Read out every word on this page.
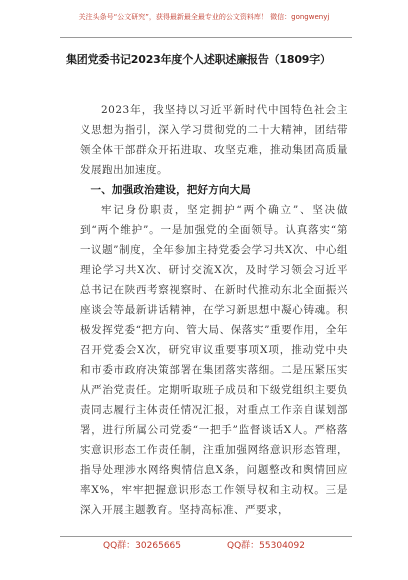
关注头条号“公文研究”，获得最新最全最专业的公文资料库！ 微信：gongwenyj
集团党委书记2023年度个人述职述廉报告（1809字）

2023年，我坚持以习近平新时代中国特色社会主义思想为指引，深入学习贯彻党的二十大精神，团结带领全体干部群众开拓进取、攻坚克难，推动集团高质量发展跑出加速度。

一、加强政治建设，把好方向大局

牢记身份职责，坚定拥护“两个确立”、坚决做到“两个维护”。一是加强党的全面领导。认真落实“第一议题”制度，全年参加主持党委会学习共X次、中心组理论学习共X次、研讨交流X次，及时学习领会习近平总书记在陕西考察视察时、在新时代推动东北全面振兴座谈会等最新讲话精神，在学习新思想中凝心铸魂。积极发挥党委“把方向、管大局、保落实”重要作用，全年召开党委会X次，研究审议重要事项X项，推动党中央和市委市政府决策部署在集团落实落细。二是压紧压实从严治党责任。定期听取班子成员和下级党组织主要负责同志履行主体责任情况汇报，对重点工作亲自谋划部署，进行所属公司党委“一把手”监督谈话X人。严格落实意识形态工作责任制，注重加强网络意识形态管理，指导处理涉水网络舆情信息X条，问题整改和舆情回应率X%，牢牢把握意识形态工作领导权和主动权。三是深入开展主题教育。坚持高标准、严要求，

QQ群：30265665	QQ群：55304092
